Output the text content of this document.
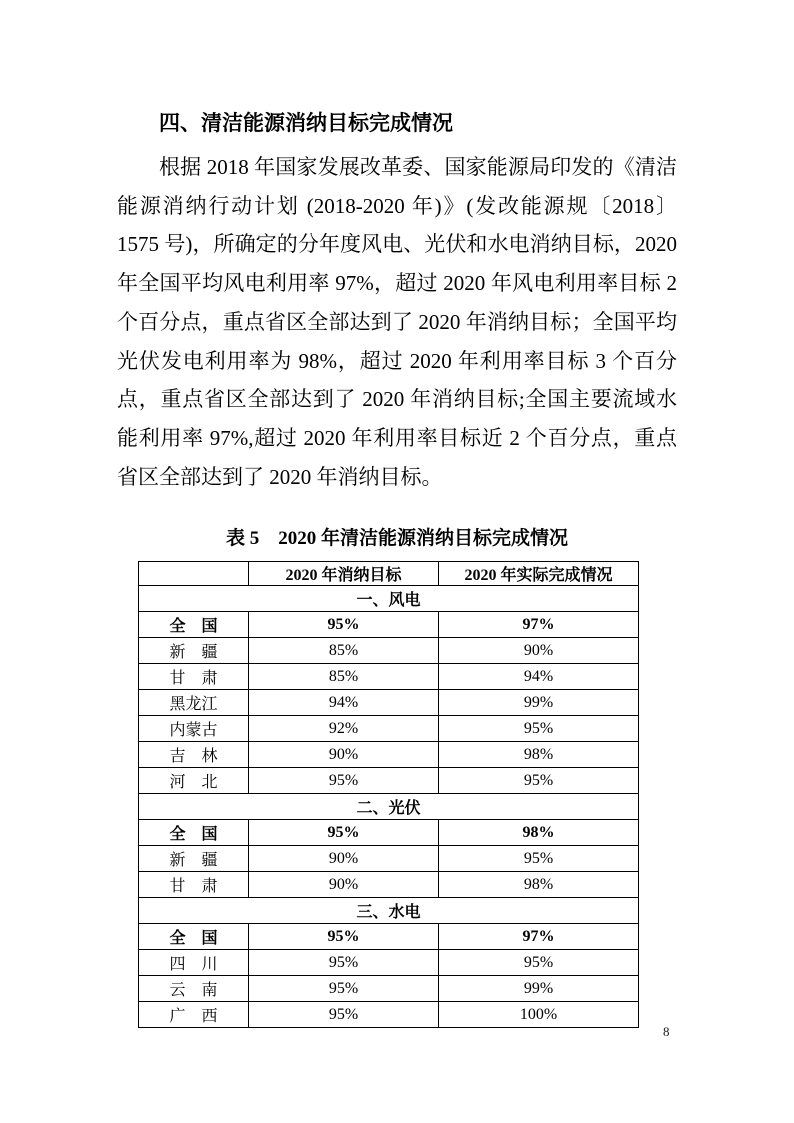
四、清洁能源消纳目标完成情况

根据 2018 年国家发展改革委、国家能源局印发的《清洁能源消纳行动计划 (2018-2020 年)》(发改能源规〔2018〕1575 号)，所确定的分年度风电、光伏和水电消纳目标，2020 年全国平均风电利用率 97%，超过 2020 年风电利用率目标 2 个百分点，重点省区全部达到了 2020 年消纳目标；全国平均光伏发电利用率为 98%，超过 2020 年利用率目标 3 个百分点，重点省区全部达到了 2020 年消纳目标;全国主要流域水能利用率 97%,超过 2020 年利用率目标近 2 个百分点，重点省区全部达到了 2020 年消纳目标。

表 5　2020 年清洁能源消纳目标完成情况
	2020 年消纳目标	2020 年实际完成情况
一、风电		
全　国	95%	97%
新　疆	85%	90%
甘　肃	85%	94%
黑龙江	94%	99%
内蒙古	92%	95%
吉　林	90%	98%
河　北	95%	95%
二、光伏		
全　国	95%	98%
新　疆	90%	95%
甘　肃	90%	98%
三、水电		
全　国	95%	97%
四　川	95%	95%
云　南	95%	99%
广　西	95%	100%
8
